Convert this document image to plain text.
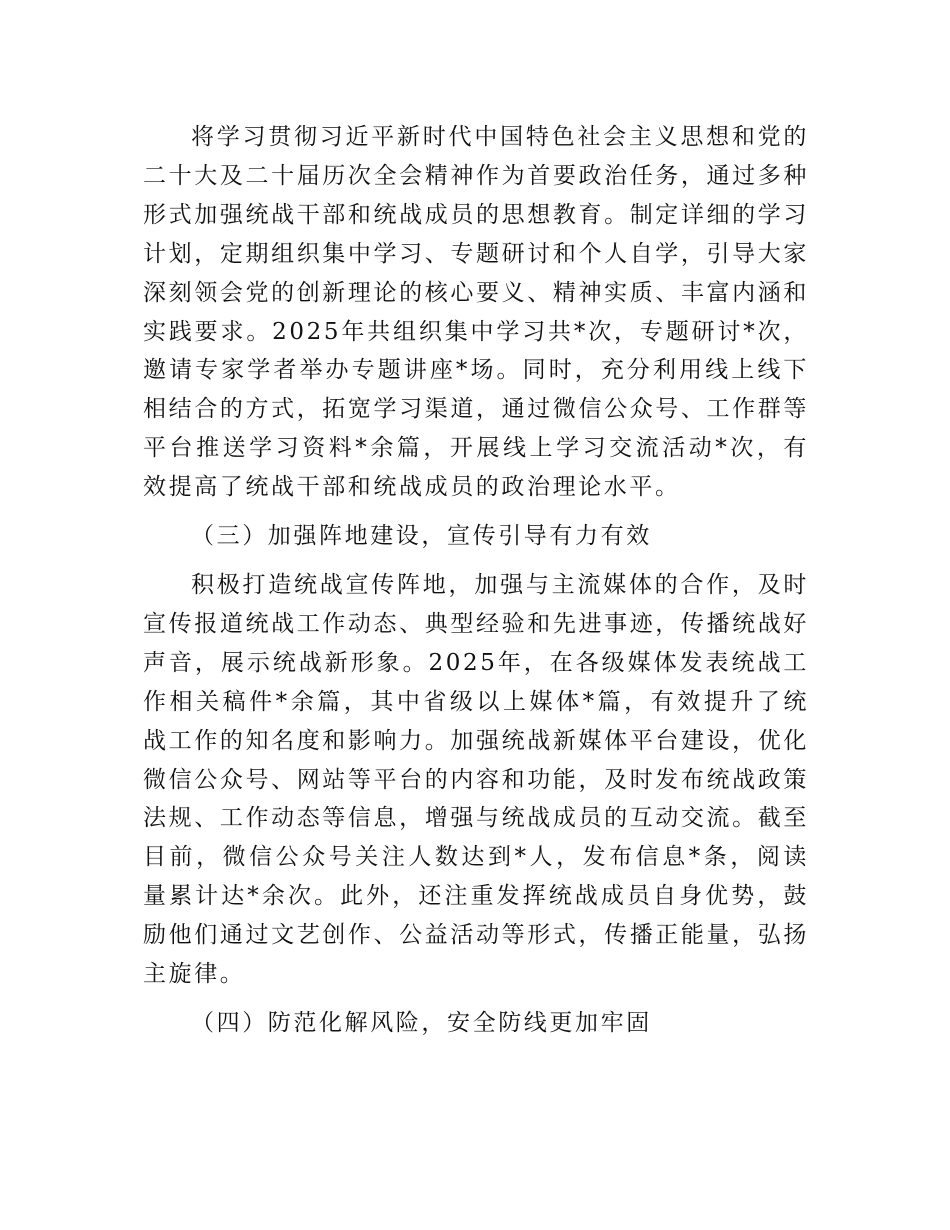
将学习贯彻习近平新时代中国特色社会主义思想和党的二十大及二十届历次全会精神作为首要政治任务，通过多种形式加强统战干部和统战成员的思想教育。制定详细的学习计划，定期组织集中学习、专题研讨和个人自学，引导大家深刻领会党的创新理论的核心要义、精神实质、丰富内涵和实践要求。2025年共组织集中学习共*次，专题研讨*次，邀请专家学者举办专题讲座*场。同时，充分利用线上线下相结合的方式，拓宽学习渠道，通过微信公众号、工作群等平台推送学习资料*余篇，开展线上学习交流活动*次，有效提高了统战干部和统战成员的政治理论水平。

（三）加强阵地建设，宣传引导有力有效

积极打造统战宣传阵地，加强与主流媒体的合作，及时宣传报道统战工作动态、典型经验和先进事迹，传播统战好声音，展示统战新形象。2025年，在各级媒体发表统战工作相关稿件*余篇，其中省级以上媒体*篇，有效提升了统战工作的知名度和影响力。加强统战新媒体平台建设，优化微信公众号、网站等平台的内容和功能，及时发布统战政策法规、工作动态等信息，增强与统战成员的互动交流。截至目前，微信公众号关注人数达到*人，发布信息*条，阅读量累计达*余次。此外，还注重发挥统战成员自身优势，鼓励他们通过文艺创作、公益活动等形式，传播正能量，弘扬主旋律。

（四）防范化解风险，安全防线更加牢固
